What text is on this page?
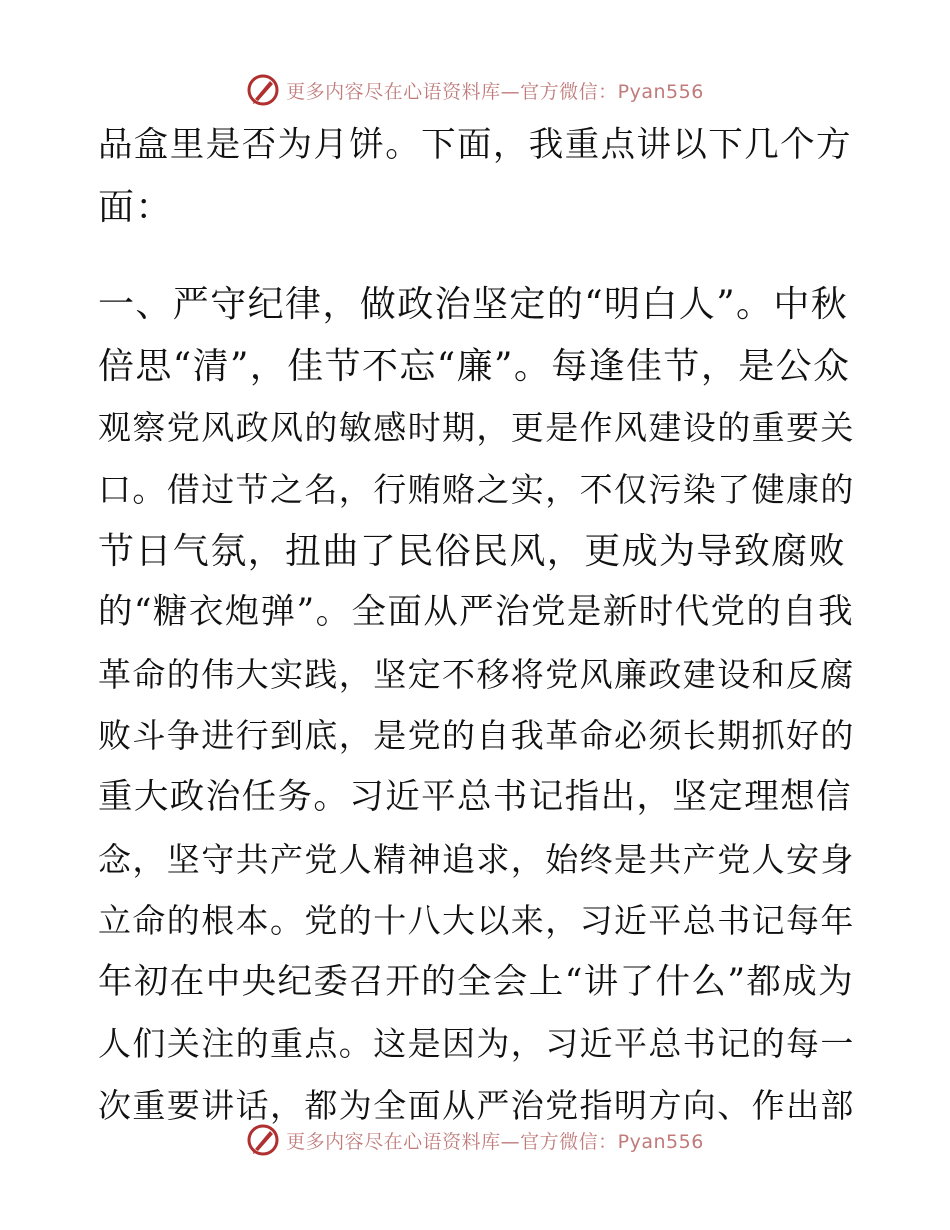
更多内容尽在心语资料库—官方微信：Pyan556
品盒里是否为月饼。下面，我重点讲以下几个方
面：
一、严守纪律，做政治坚定的“明白人”。中秋
倍思“清”，佳节不忘“廉”。每逢佳节，是公众
观察党风政风的敏感时期，更是作风建设的重要关
口。借过节之名，行贿赂之实，不仅污染了健康的
节日气氛，扭曲了民俗民风，更成为导致腐败
的“糖衣炮弹”。全面从严治党是新时代党的自我
革命的伟大实践，坚定不移将党风廉政建设和反腐
败斗争进行到底，是党的自我革命必须长期抓好的
重大政治任务。习近平总书记指出，坚定理想信
念，坚守共产党人精神追求，始终是共产党人安身
立命的根本。党的十八大以来，习近平总书记每年
年初在中央纪委召开的全会上“讲了什么”都成为
人们关注的重点。这是因为，习近平总书记的每一
次重要讲话，都为全面从严治党指明方向、作出部
更多内容尽在心语资料库—官方微信：Pyan556
